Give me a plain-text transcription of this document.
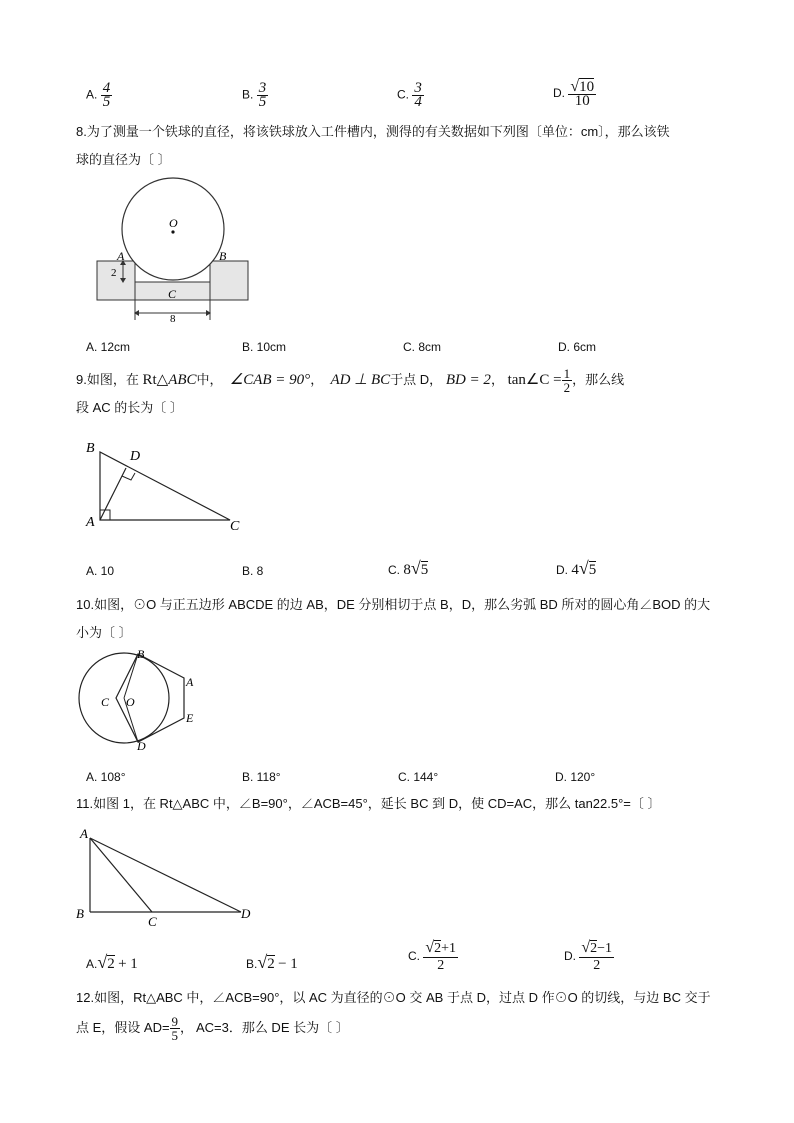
A. $\frac{4}{5}$	B. $\frac{3}{5}$	C. $\frac{3}{4}$	D. $\frac{√10}{10}$
8.为了测量一个铁球的直径，将该铁球放入工件槽内，测得的有关数据如下列图〔单位：cm〕，那么该铁
球的直径为〔 〕
O
A	B
C
2
8
A. 12cm	B. 10cm	C. 8cm	D. 6cm
9.如图，在 Rt△ABC中， ∠CAB = 90°， AD ⊥ BC于点 D， BD = 2， tan∠C = $\frac{1}{2}$ ，那么线
段 AC 的长为〔 〕
B
D
A	C
A. 10	B. 8	C. 8√5	D. 4√5
10.如图，⊙O 与正五边形 ABCDE 的边 AB，DE 分别相切于点 B，D，那么劣弧 BD 所对的圆心角∠BOD 的大
小为〔 〕
B
A
C O
E
D
A. 108°	B. 118°	C. 144°	D. 120°
11.如图 1，在 Rt△ABC 中，∠B=90°，∠ACB=45°，延长 BC 到 D，使 CD=AC，那么 tan22.5°=〔 〕
A
B
C
D
A.√2 + 1	B.√2 − 1	C. $\frac{√2+1}{2}$	D. $\frac{√2-1}{2}$
12.如图，Rt△ABC 中，∠ACB=90°，以 AC 为直径的⊙O 交 AB 于点 D，过点 D 作⊙O 的切线，与边 BC 交于
点 E，假设 $AD= \frac{9}{5}$ ， AC=3．那么 DE 长为〔 〕
